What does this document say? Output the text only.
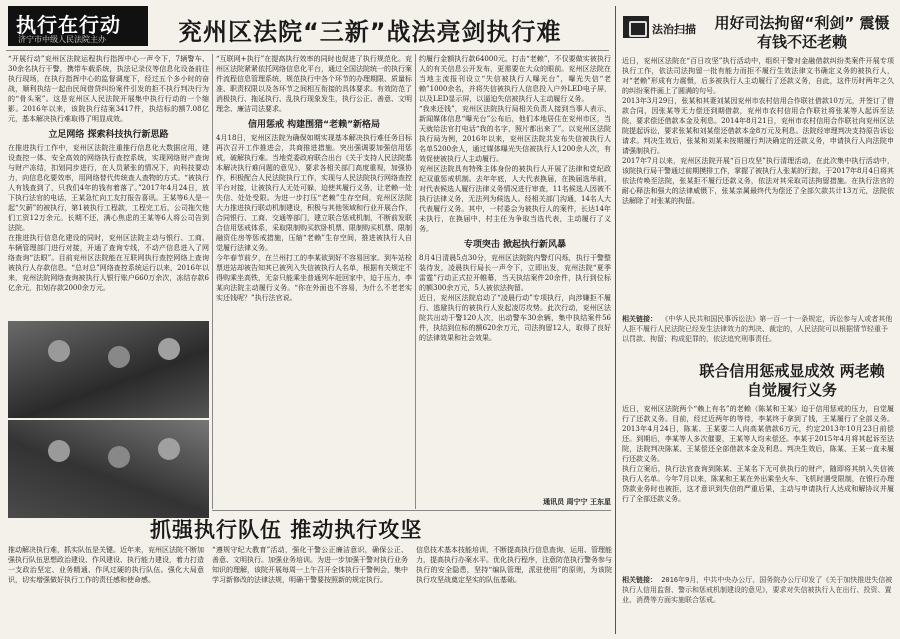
执行在行动
济宁市中级人民法院主办	兖州区法院“三新”战法亮剑执行难

“开展行动”兖州区法院运程执行指挥中心一声令下，7辆警车、30余名执行干警，携带车载系统，执法记录仪等信息化设备前往执行现场，在执行指挥中心的监督调度下，经过五个多小时的奋战，顺利执结一起由民间借贷纠纷案件引发的拒不执行判决行为的“骨头案”。这是兖州区人民法院开展集中执行行动的一个缩影。2016年以来，该院执行结案3417件，执结标的额7.08亿元，基本解决执行难取得了明显成效。

立足网络 探索科技执行新思路

在推进执行工作中，兖州区法院注重推行信息化大数据应用，建设查控一体、安全高效的网络执行查控系统，实现网络财产查询与财产冻结，扣划同步进行，在人员紧张的情况下，向科技要动力，向信息化要效率，用网络替代传统查人查物的方式。“被执行人有钱查到了，只我们4年的钱有着落了。”2017年4月24日，放下执行法官的电话，王某急忙向工友打报告喜讯。王某等6人是一起“欠薪”的被执行，第1被执行工程款，工程完工后，公司拖欠他们工资12万余元。长期不还，满心焦虑的王某等6人将公司告到法院。

在推进执行信息化建设的同时，兖州区法院主动与银行、工商、车辆管理部门进行对接，开通了查询专线，不动产信息进入了网络查询“法眼”。目前兖州区法院能在互联网执行查控网络上查询被执行人存款信息。“总对总”网络查控系统运行以来，2016年以来，兖州法院网络查询被执行人银行账户660万余次，冻结存款6亿余元，扣划存款2000余万元。

“互联网+执行”在提高执行效率的同时也促进了执行规范化。兖州区法院紧紧依托网络信息化平台，通过全国法院统一的执行案件流程信息管理系统，规范执行中各个环节的办理期限、质量标准、职责权限以及各环节之间相互衔接的具体要求。有效防范了消极执行、拖延执行、乱执行现象发生，执行公正、善意、文明理念、廉洁司法要求。

信用惩戒 构建围猎“老赖”新格局

4月18日，兖州区法院为确保如期实现基本解决执行难任务目标再次召开工作推进会，共商推进措施。突出强调要加强信用惩戒，破解执行难。当地党委政府联合出台《关于支持人民法院基本解决执行难问题的意见》，要求各相关部门高度重视，加强协作，积极配合人民法院执行工作，实现与人民法院执行网络查控平台对接，让被执行人无处可躲，迫使其履行义务，让老赖一处失信、处处受限。为进一步打压“老赖”生存空间，兖州区法院大力推进执行联动机制建设，积极与其他领域和行业开展合作，合同银行、工商、交通等部门，建立联合惩戒机制，不断前发联合信用惩戒体系，采取限制购买软卧机票、限制购买机票、限制融资住房等惩戒措施，压缩“老赖”生存空间，推进被执行人自觉履行法律义务。

今年春节前夕，在兰州打工的李某欲到好不容易回家。到车站检票进站却被告知其已被列入失信被执行人名单，根据有关规定不得购乘坐高铁，无奈只能乘坐普通列车赶回家中，迫于压力，李某向法院主动履行义务。“你在外面也不容易，为什么不老老实实还钱呢？”执行法官说。

约履行金额执行款64000元。打击“老赖”，不仅要做实被执行人的有关信息公开发布，更需要在大众的眼前。兖州区法院在当地主流报刊设立“失信被执行人曝光台”，曝光失信“老赖”1000余名，并将失信被执行人信息投入户外LED电子屏，以及LED显示屏，以逼迫失信被执行人主动履行义务。

“我来还钱”，兖州区法院执行局相关负责人接到当事人表示，新闻媒体信息“曝光台”公布后，他们本地居住在兖州市区，当天就给法官打电话“我的名字，照片都出来了”。以兖州区法院执行局为例，2016年以来，兖州区法院共发布失信被执行人名单5200余人，通过媒体曝光失信被执行人1200余人次，有效促使被执行人主动履行。

兖州区法院具有特殊主体身份的被执行人开展了法律和党纪政纪双重惩戒机制。去年年底，人大代表换届，在换届选举前，对代表候选人履行法律义务情况进行审查，11名候选人因被不执行法律义务，无法列为候选人。经相关部门沟通，14名人大代表履行义务。其中，一村委会为被执行人的案件，长达14年未执行，在换届中，村主任为争取当选代表，主动履行了义务。

专项突击 掀起执行新风暴

8月4日清晨5点30分，兖州区法院院内警灯闪烁，执行干警整装待发，凌晨执行局长一声令下，立即出发，兖州法院“夏季雷霆”行动正式拉开帷幕，当天执结案件20余件，执行到位标的额300余万元，5人被依法拘留。

近日，兖州区法院启动了“凌晨行动”专项执行，向涉嫌拒不履行、逃避执行的被执行人发起凌厉攻势。此次行动，兖州区法院共出动干警120人次，出动警车30余辆，集中执结案件56件，执结到位标的额620余万元，司法拘留12人，取得了良好的法律效果和社会效果。

通讯员 周宁宁 王东星
抓强执行队伍 推动执行攻坚

推动解决执行难，抓实队伍是关键。近年来，兖州区法院不断加强执行队伍思想政治建设、作风建设、执行能力建设，着力打造一支政治坚定、业务精通、作风过硬的执行队伍。强化大局意识，切实增强做好执行工作的责任感和使命感。

“遵规守纪大教育”活动，强化干警公正廉洁意识，确保公正、善意、文明执行。加强业务培训。为进一步加强干警对执行业务知识的理解，该院开展每周一上午召开全体执行干警例会，集中学习新修改的法律法规，明确干警要按照新的规定执行。

信息技术基本技能培训，不断提高执行信息查询、运用、管理能力，提高执行办案水平。优化执行程序，注意防范执行警务参与执行的安全隐患，坚持“编队管理，派驻使用”的原则，为该院执行攻坚战奠定坚实的队伍基础。

法治扫描 用好司法拘留“利剑” 震慑有钱不还老赖

近日，兖州区法院在“百日攻坚”执行活动中，组织干警对金融借款纠纷类案件开展专项执行工作，依法司法拘留一批有能力而拒不履行生效法律文书确定义务的被执行人，对“老赖”形成有力震慑，后多被执行人主动履行了还款义务，自此，这件历时两年之久的纠纷案件画上了圆满的句号。

2013年3月29日，张某和其妻刘某因兖州市农村信用合作联社借款10万元，并签订了借款合同，因张某等无力偿还到期借款，兖州市农村信用合作联社将张某等人起诉至法院，要求偿还借款本金及利息。2014年8月21日，兖州市农村信用合作联社向兖州区法院提起诉讼，要求张某和刘某偿还借款本金8万元及利息。法院经审理判决支持原告诉讼请求。判决生效后，张某和刘某未按期履行判决确定的还款义务，申请执行人向法院申请强制执行。

2017年7月以来，兖州区法院开展“百日攻坚”执行清理活动，在此次集中执行活动中，该院执行局干警通过前期摸排工作，掌握了被执行人张某的行踪，于2017年8月4日将其依法传唤至法院，张某拒不履行还款义务，依法对其采取司法拘留措施。在执行法官的耐心释法和强大的法律威慑下，张某亲属最终代为偿还了全部欠款共计13万元，法院依法解除了对张某的拘留。

相关链接： 《中华人民共和国民事诉讼法》第一百一十一条规定，诉讼参与人或者其他人拒不履行人民法院已经发生法律效力的判决、裁定的，人民法院可以根据情节轻重予以罚款、拘留；构成犯罪的，依法追究刑事责任。
联合信用惩戒显成效 两老赖自觉履行义务

近日，兖州区法院两个“赖上有名”的老赖（陈某和王某）迫于信用惩戒的压力，自觉履行了还款义务。目前，经过近两年的等待，李某终于拿到了钱，王某履行了全部义务。2013年4月24日，陈某、王某要二人向高某借款6万元，约定2013年10月23日前偿还。到期后，李某等人多次催要，王某等人均未偿还。李某于2015年4月将其起诉至法院，法院判决陈某、王某偿还全部借款本金及利息。判决生效后，陈某、王某一直未履行还款义务。

执行立案后，执行法官查询到陈某、王某名下无可供执行的财产，随即将其纳入失信被执行人名单。今年7月以来，陈某和王某在外出乘坐火车、飞机时遇受限制，在银行办理贷款业务时也被拒，这才意识到失信的严重后果，主动与申请执行人达成和解协议并履行了全部还款义务。

相关链接： 2016年9月，中共中央办公厅、国务院办公厅印发了《关于加快推进失信被执行人信用监督、警示和惩戒机制建设的意见》，要求对失信被执行人在出行、投资、置业、消费等方面实施联合惩戒。
